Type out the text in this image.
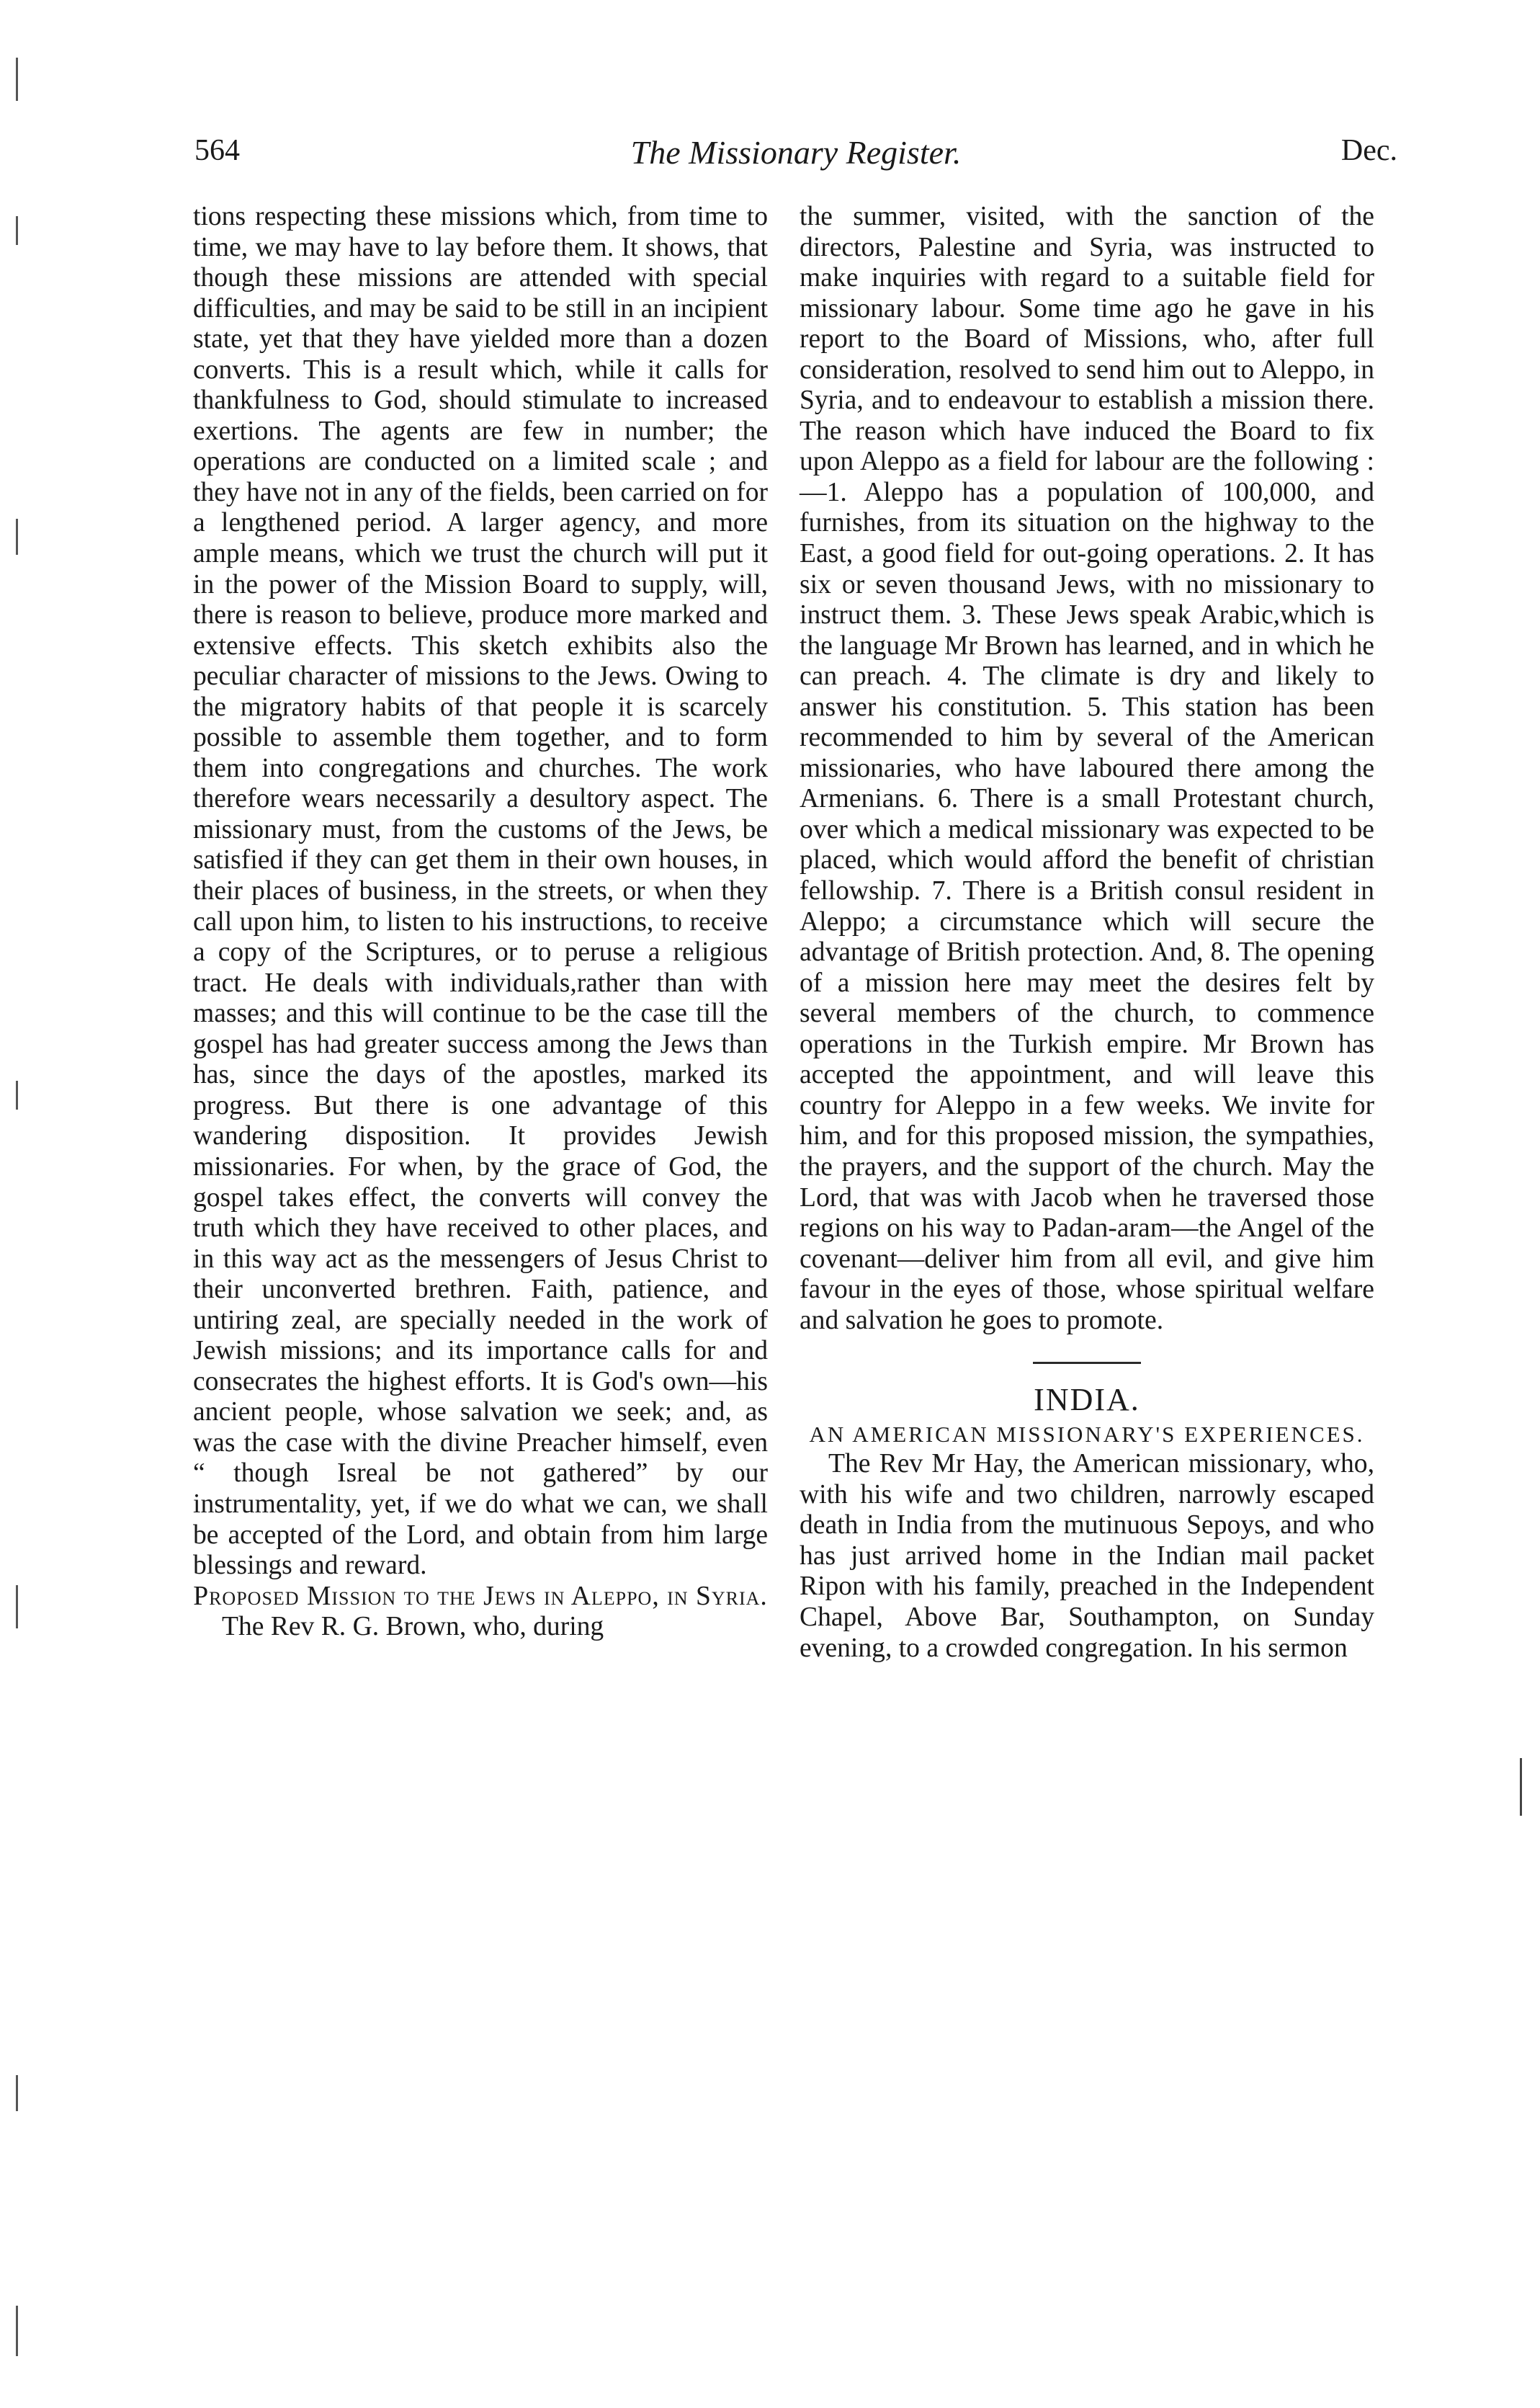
564	The Missionary Register.	Dec.

tions respecting these missions which, from time to time, we may have to lay before them. It shows, that though these missions are attended with special difficulties, and may be said to be still in an incipient state, yet that they have yielded more than a dozen converts. This is a result which, while it calls for thankfulness to God, should stimulate to increased exertions. The agents are few in number; the operations are conducted on a limited scale ; and they have not in any of the fields, been carried on for a lengthened period. A larger agency, and more ample means, which we trust the church will put it in the power of the Mission Board to supply, will, there is reason to believe, produce more marked and extensive effects. This sketch exhibits also the peculiar character of missions to the Jews. Owing to the migratory habits of that people it is scarcely possible to assemble them together, and to form them into congregations and churches. The work therefore wears necessarily a desultory aspect. The missionary must, from the customs of the Jews, be satisfied if they can get them in their own houses, in their places of business, in the streets, or when they call upon him, to listen to his instructions, to receive a copy of the Scriptures, or to peruse a religious tract. He deals with individuals,rather than with masses; and this will continue to be the case till the gospel has had greater success among the Jews than has, since the days of the apostles, marked its progress. But there is one advantage of this wandering disposition. It provides Jewish missionaries. For when, by the grace of God, the gospel takes effect, the converts will convey the truth which they have received to other places, and in this way act as the messengers of Jesus Christ to their unconverted brethren. Faith, patience, and untiring zeal, are specially needed in the work of Jewish missions; and its importance calls for and consecrates the highest efforts. It is God's own—his ancient people, whose salvation we seek; and, as was the case with the divine Preacher himself, even “ though Isreal be not gathered” by our instrumentality, yet, if we do what we can, we shall be accepted of the Lord, and obtain from him large blessings and reward.

Proposed Mission to the Jews in Aleppo, in Syria.

The Rev R. G. Brown, who, during

the summer, visited, with the sanction of the directors, Palestine and Syria, was instructed to make inquiries with regard to a suitable field for missionary labour. Some time ago he gave in his report to the Board of Missions, who, after full consideration, resolved to send him out to Aleppo, in Syria, and to endeavour to establish a mission there. The reason which have induced the Board to fix upon Aleppo as a field for labour are the following :—1. Aleppo has a population of 100,000, and furnishes, from its situation on the highway to the East, a good field for out-going operations. 2. It has six or seven thousand Jews, with no missionary to instruct them. 3. These Jews speak Arabic,which is the language Mr Brown has learned, and in which he can preach. 4. The climate is dry and likely to answer his constitution. 5. This station has been recommended to him by several of the American missionaries, who have laboured there among the Armenians. 6. There is a small Protestant church, over which a medical missionary was expected to be placed, which would afford the benefit of christian fellowship. 7. There is a British consul resident in Aleppo; a circumstance which will secure the advantage of British protection. And, 8. The opening of a mission here may meet the desires felt by several members of the church, to commence operations in the Turkish empire. Mr Brown has accepted the appointment, and will leave this country for Aleppo in a few weeks. We invite for him, and for this proposed mission, the sympathies, the prayers, and the support of the church. May the Lord, that was with Jacob when he traversed those regions on his way to Padan-aram—the Angel of the covenant—deliver him from all evil, and give him favour in the eyes of those, whose spiritual welfare and salvation he goes to promote.

INDIA.

AN AMERICAN MISSIONARY'S EXPERIENCES.

The Rev Mr Hay, the American missionary, who, with his wife and two children, narrowly escaped death in India from the mutinuous Sepoys, and who has just arrived home in the Indian mail packet Ripon with his family, preached in the Independent Chapel, Above Bar, Southampton, on Sunday evening, to a crowded congregation. In his sermon
